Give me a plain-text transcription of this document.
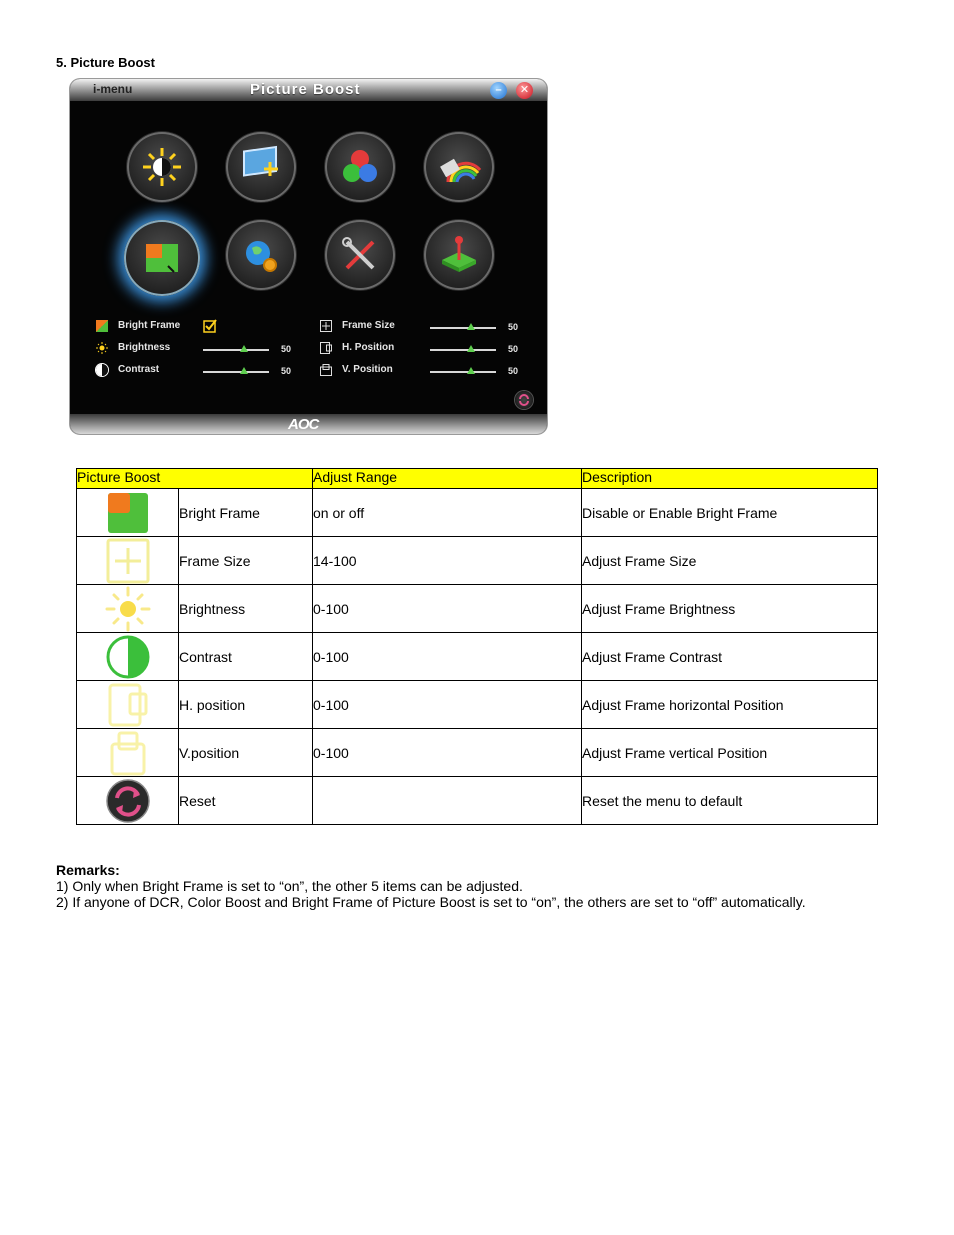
5. Picture Boost
i-menu	Picture Boost	–	✕
Bright Frame
Brightness	50
Contrast	50
Frame Size	50
H. Position	50
V. Position	50
AOC
Picture Boost		Adjust Range	Description
	Bright Frame	on or off	Disable or Enable Bright Frame
	Frame Size	14-100	Adjust Frame Size
	Brightness	0-100	Adjust Frame Brightness
	Contrast	0-100	Adjust Frame Contrast
	H. position	0-100	Adjust Frame horizontal Position
	V.position	0-100	Adjust Frame vertical Position
	Reset		Reset the menu to default
Remarks:
1) Only when Bright Frame is set to “on”, the other 5 items can be adjusted.
2) If anyone of DCR, Color Boost and Bright Frame of Picture Boost is set to “on”, the others are set to “off” automatically.
